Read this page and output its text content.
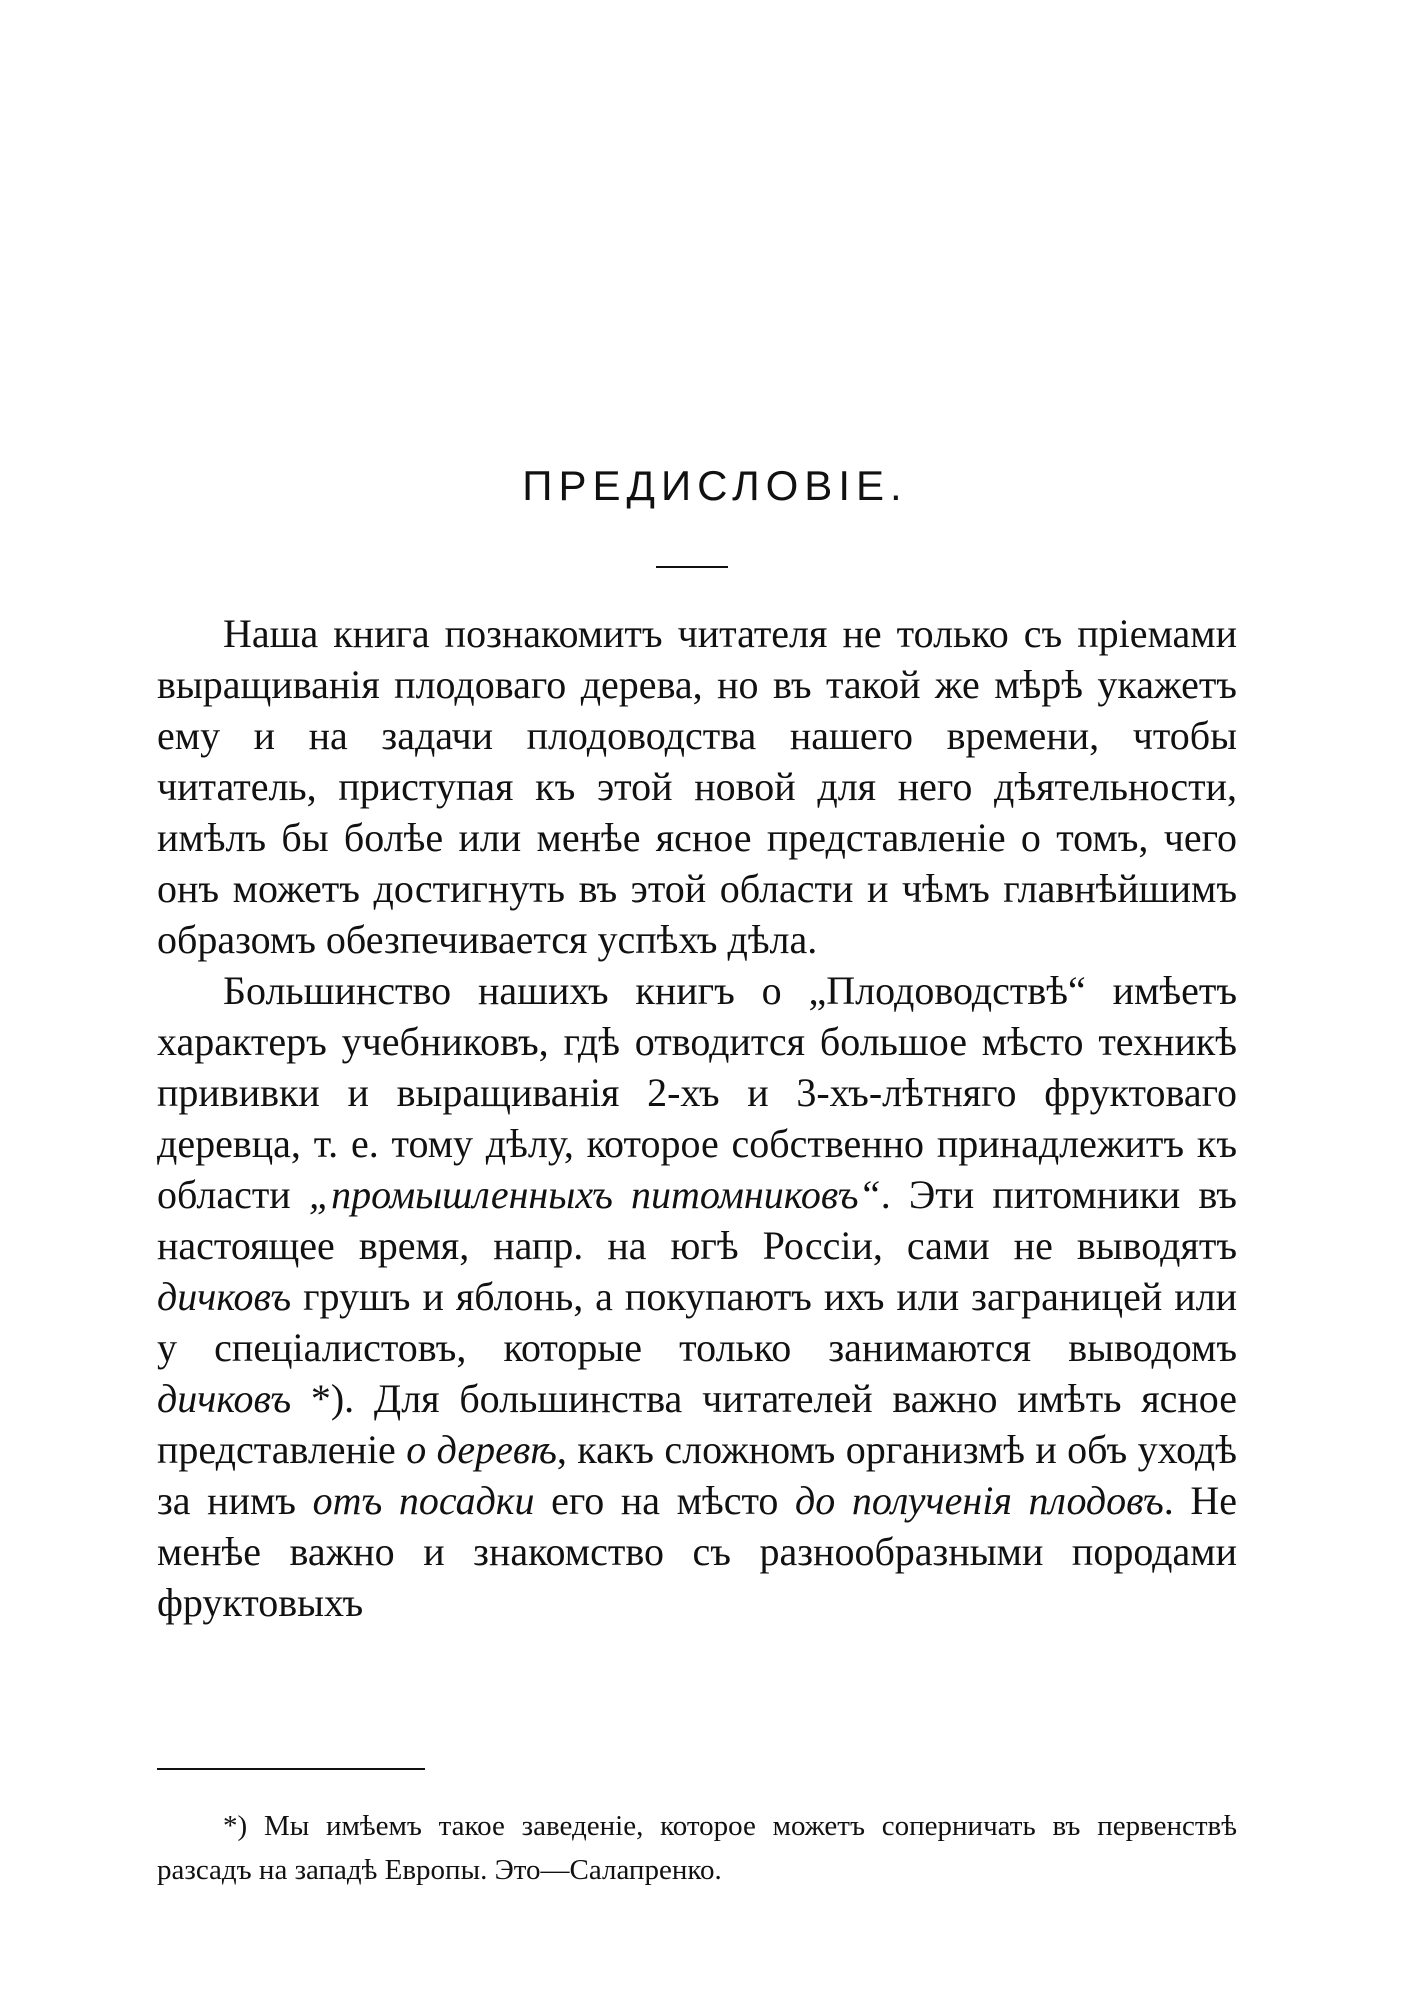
ПРЕДИСЛОВІЕ.

Наша книга познакомитъ читателя не только съ пріемами выращиванія плодоваго дерева, но въ такой же мѣрѣ укажетъ ему и на задачи плодоводства нашего времени, чтобы читатель, приступая къ этой новой для него дѣятельности, имѣлъ бы болѣе или менѣе ясное представленіе о томъ, чего онъ можетъ достигнуть въ этой области и чѣмъ главнѣйшимъ образомъ обезпечивается успѣхъ дѣла.

Большинство нашихъ книгъ о „Плодоводствѣ“ имѣетъ характеръ учебниковъ, гдѣ отводится большое мѣсто техникѣ прививки и выращиванія 2-хъ и 3-хъ-лѣтняго фруктоваго деревца, т. е. тому дѣлу, которое собственно принадлежитъ къ области „промышленныхъ питомниковъ“. Эти питомники въ настоящее время, напр. на югѣ Россіи, сами не выводятъ дичковъ грушъ и яблонь, а покупаютъ ихъ или заграницей или у спеціалистовъ, которые только занимаются выводомъ дичковъ *). Для большинства читателей важно имѣть ясное представленіе о деревѣ, какъ сложномъ организмѣ и объ уходѣ за нимъ отъ посадки его на мѣсто до полученія плодовъ. Не менѣе важно и знакомство съ разнообразными породами фруктовыхъ

*) Мы имѣемъ такое заведеніе, которое можетъ соперничать въ первенствѣ разсадъ на западѣ Европы. Это—Салапренко.
